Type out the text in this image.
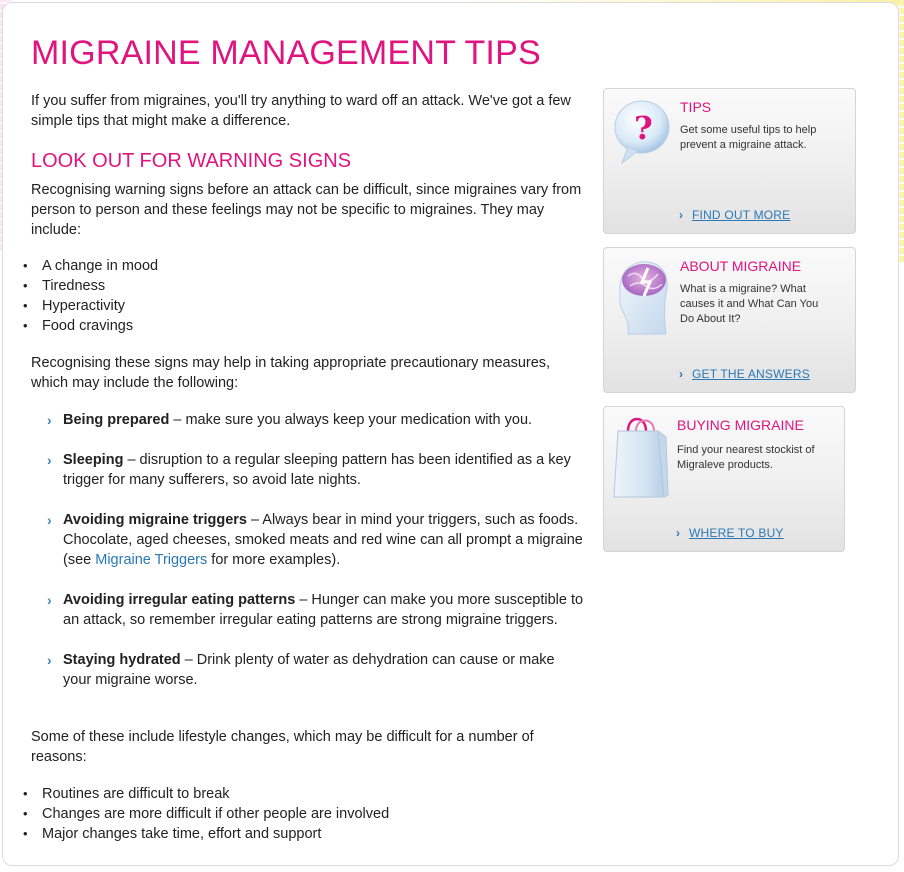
MIGRAINE MANAGEMENT TIPS

If you suffer from migraines, you'll try anything to ward off an attack. We've got a few simple tips that might make a difference.

LOOK OUT FOR WARNING SIGNS

Recognising warning signs before an attack can be difficult, since migraines vary from person to person and these feelings may not be specific to migraines. They may include:

• A change in mood
• Tiredness
• Hyperactivity
• Food cravings

Recognising these signs may help in taking appropriate precautionary measures, which may include the following:

› Being prepared – make sure you always keep your medication with you.
› Sleeping – disruption to a regular sleeping pattern has been identified as a key trigger for many sufferers, so avoid late nights.
› Avoiding migraine triggers – Always bear in mind your triggers, such as foods. Chocolate, aged cheeses, smoked meats and red wine can all prompt a migraine (see Migraine Triggers for more examples).
› Avoiding irregular eating patterns – Hunger can make you more susceptible to an attack, so remember irregular eating patterns are strong migraine triggers.
› Staying hydrated – Drink plenty of water as dehydration can cause or make your migraine worse.

Some of these include lifestyle changes, which may be difficult for a number of reasons:

• Routines are difficult to break
• Changes are more difficult if other people are involved
• Major changes take time, effort and support
?
TIPS
Get some useful tips to help prevent a migraine attack.
› FIND OUT MORE
ABOUT MIGRAINE
What is a migraine? What causes it and What Can You Do About It?
› GET THE ANSWERS
BUYING MIGRAINE
Find your nearest stockist of Migraleve products.
› WHERE TO BUY
